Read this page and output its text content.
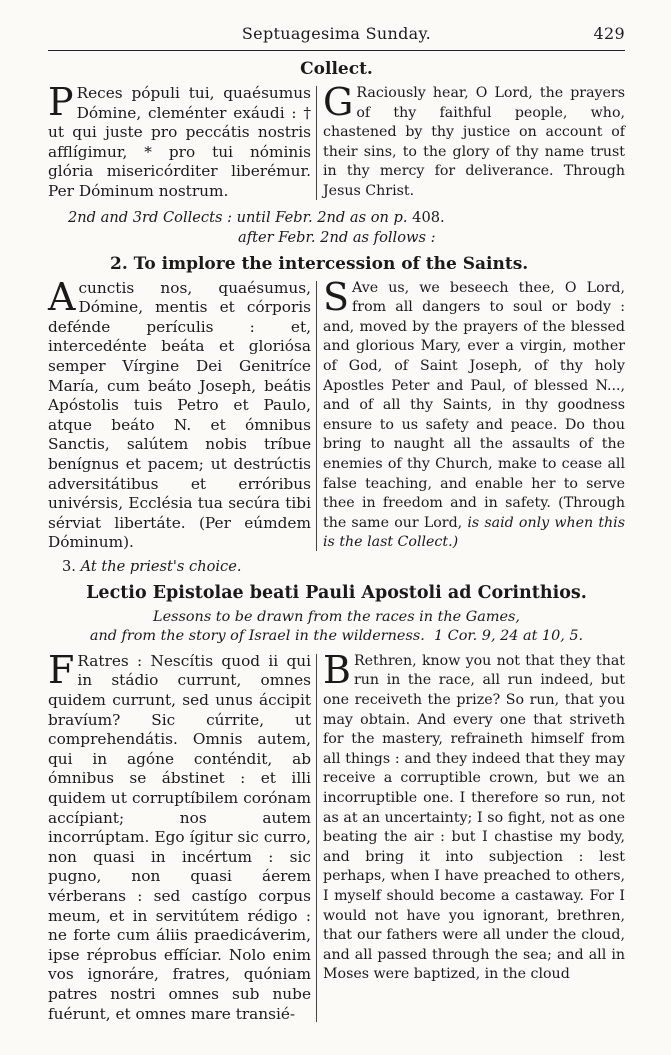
Septuagesima Sunday.	429
Collect.
P Reces pópuli tui, quaésumus Dómine, cleménter exáudi : † ut qui juste pro peccátis nostris afflígimur, * pro tui nóminis glória misericórditer liberémur. Per Dóminum nostrum.
G Raciously hear, O Lord, the prayers of thy faithful people, who, chastened by thy justice on account of their sins, to the glory of thy name trust in thy mercy for deliverance. Through Jesus Christ.
2nd and 3rd Collects : until Febr. 2nd as on p. 408.
after Febr. 2nd as follows :
2. To implore the intercession of the Saints.
Acunctis nos, quaésumus, Dómine, mentis et córporis defénde perículis : et, intercedénte beáta et gloriósa semper Vírgine Dei Genitríce María, cum beáto Joseph, beátis Apóstolis tuis Petro et Paulo, atque beáto N. et ómnibus Sanctis, salútem nobis tríbue benígnus et pacem; ut destrúctis adversitátibus et erróribus univérsis, Ecclésia tua secúra tibi sérviat libertáte. (Per eúmdem Dóminum).
S Ave us, we beseech thee, O Lord, from all dangers to soul or body : and, moved by the prayers of the blessed and glorious Mary, ever a virgin, mother of God, of Saint Joseph, of thy holy Apostles Peter and Paul, of blessed N..., and of all thy Saints, in thy goodness ensure to us safety and peace. Do thou bring to naught all the assaults of the enemies of thy Church, make to cease all false teaching, and enable her to serve thee in freedom and in safety. (Through the same our Lord, is said only when this is the last Collect.)
3. At the priest's choice.
Lectio Epistolae beati Pauli Apostoli ad Corinthios.
Lessons to be drawn from the races in the Games,
and from the story of Israel in the wilderness. 1 Cor. 9, 24 at 10, 5.
F Ratres : Nescítis quod ii qui in stádio currunt, omnes quidem currunt, sed unus áccipit bravíum? Sic cúrrite, ut comprehendátis. Omnis autem, qui in agóne conténdit, ab ómnibus se ábstinet : et illi quidem ut corruptíbilem corónam accípiant; nos autem incorrúptam. Ego ígitur sic curro, non quasi in incértum : sic pugno, non quasi áerem vérberans : sed castígo corpus meum, et in servitútem rédigo : ne forte cum áliis praedicáverim, ipse réprobus effíciar. Nolo enim vos ignoráre, fratres, quóniam patres nostri omnes sub nube fuérunt, et omnes mare transié-
B Rethren, know you not that they that run in the race, all run indeed, but one receiveth the prize? So run, that you may obtain. And every one that striveth for the mastery, refraineth himself from all things : and they indeed that they may receive a corruptible crown, but we an incorruptible one. I therefore so run, not as at an uncertainty; I so fight, not as one beating the air : but I chastise my body, and bring it into subjection : lest perhaps, when I have preached to others, I myself should become a castaway. For I would not have you ignorant, brethren, that our fathers were all under the cloud, and all passed through the sea; and all in Moses were baptized, in the cloud
